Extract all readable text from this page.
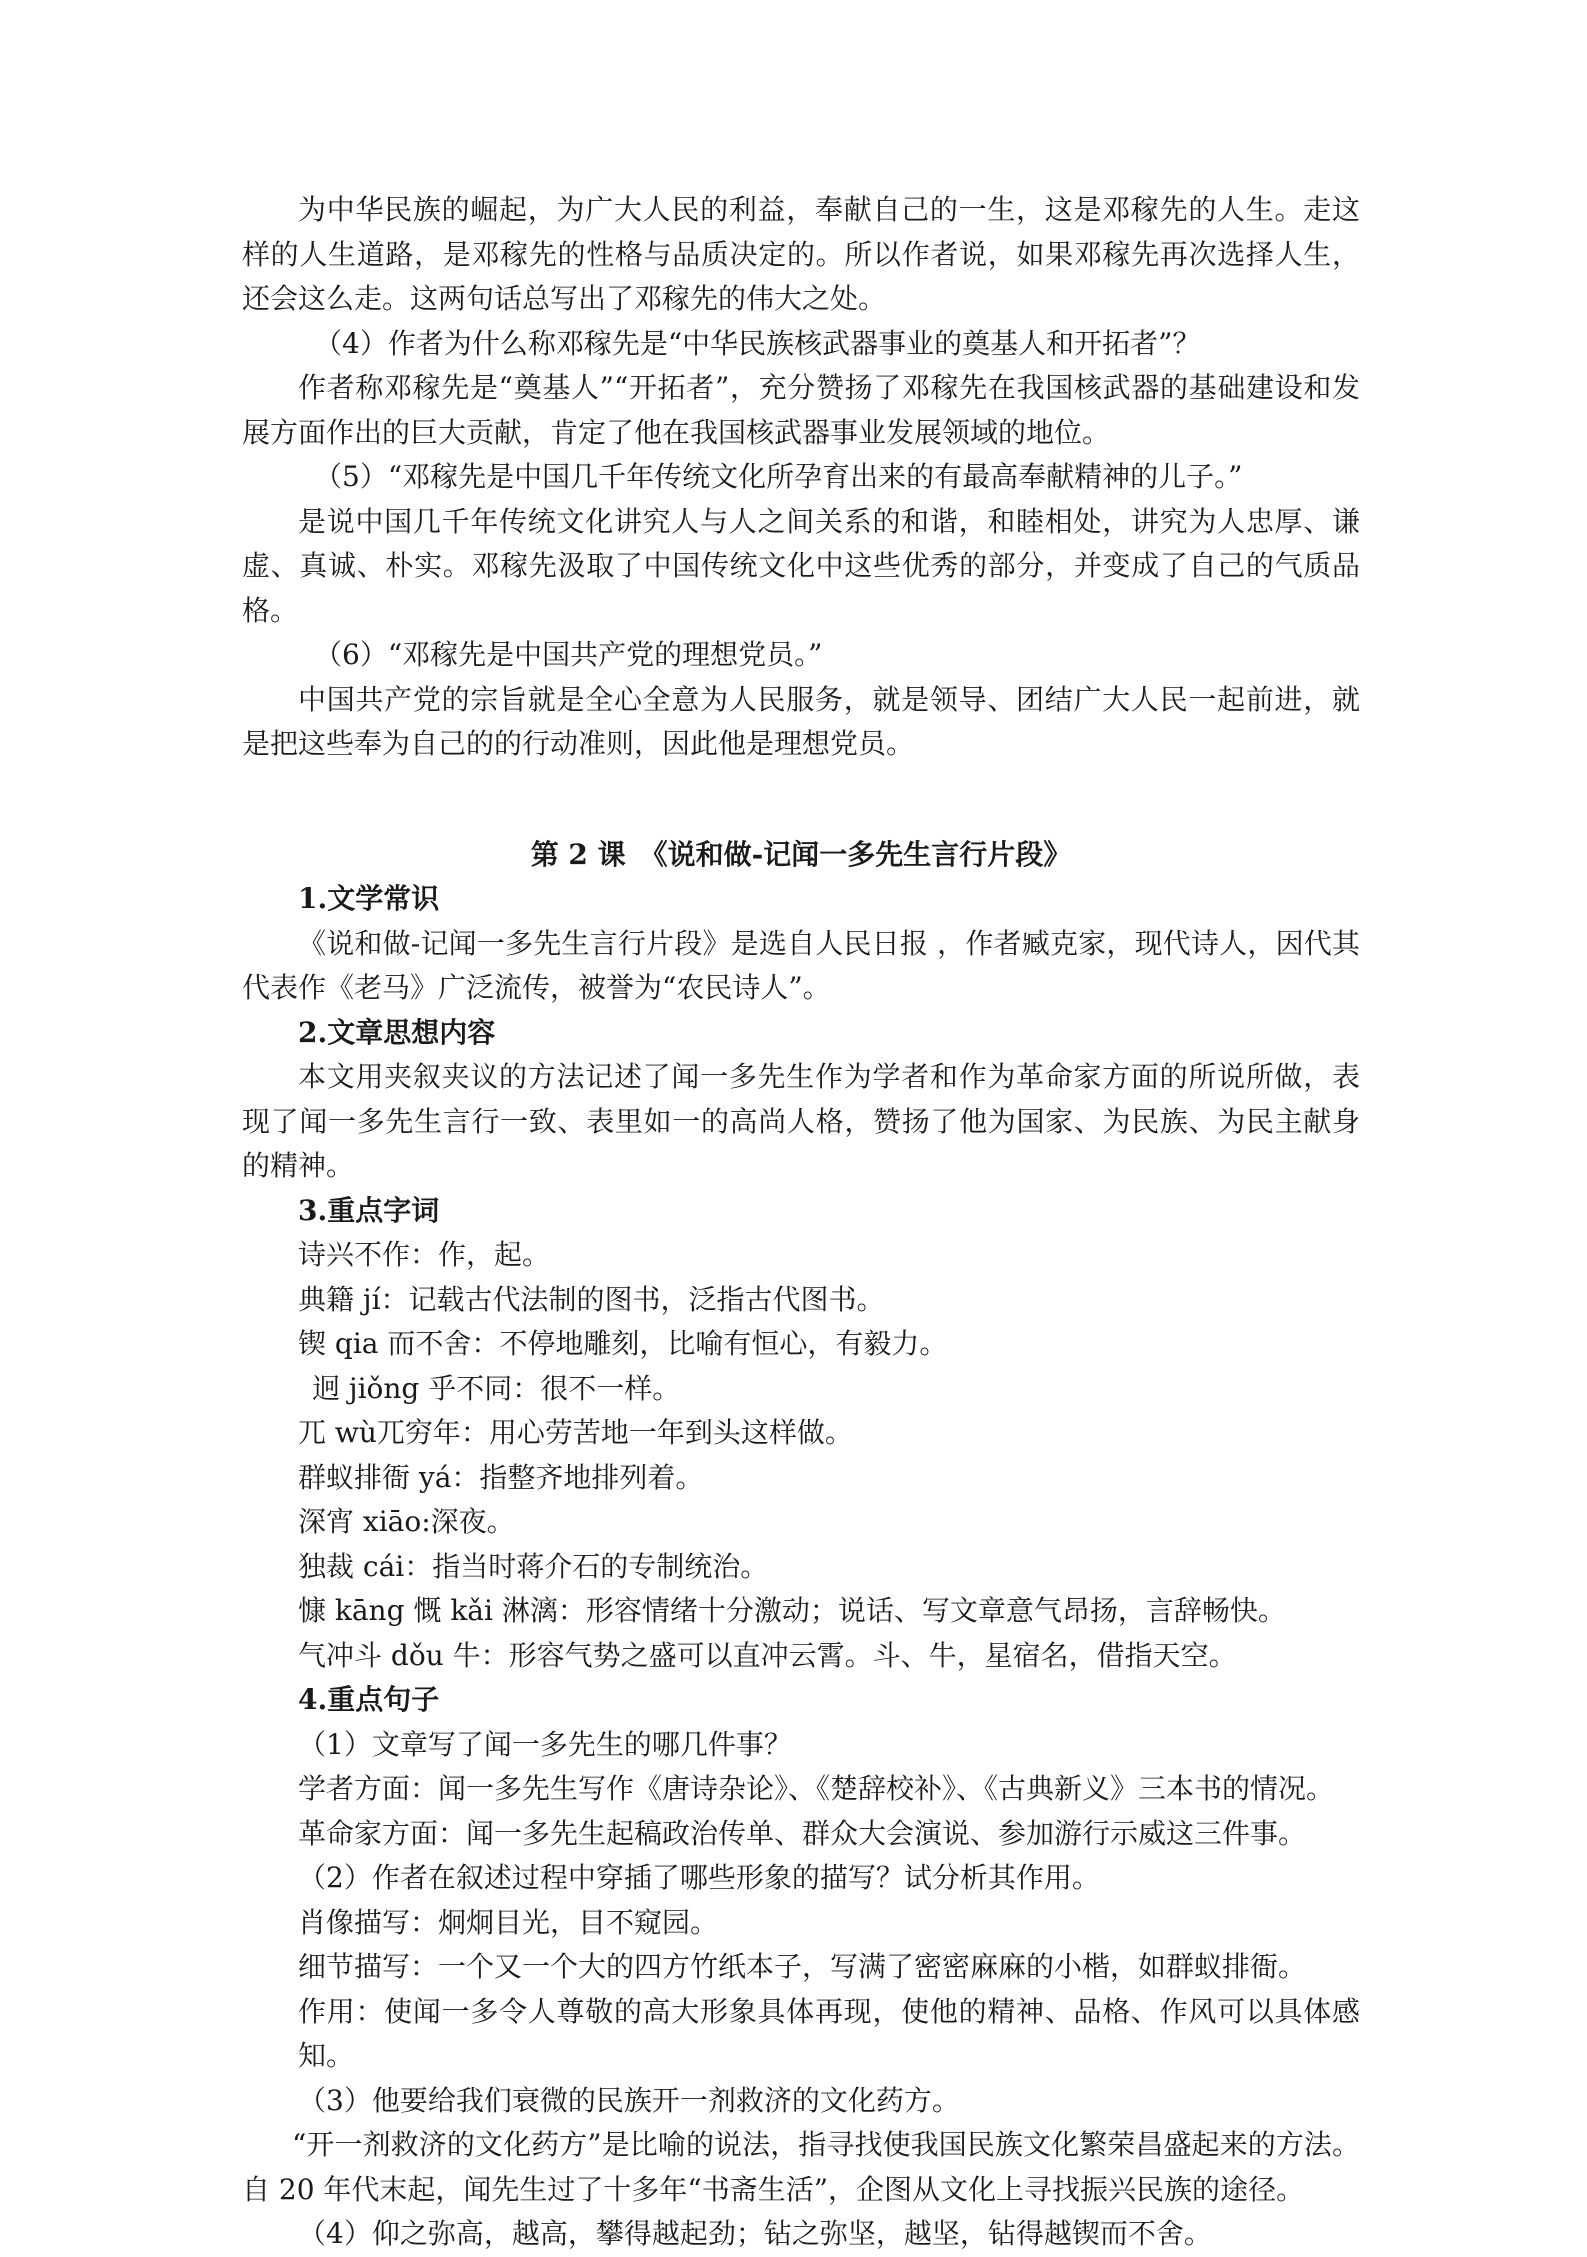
为中华民族的崛起，为广大人民的利益，奉献自己的一生，这是邓稼先的人生。走这样的人生道路，是邓稼先的性格与品质决定的。所以作者说，如果邓稼先再次选择人生，还会这么走。这两句话总写出了邓稼先的伟大之处。

（4）作者为什么称邓稼先是“中华民族核武器事业的奠基人和开拓者”？

作者称邓稼先是“奠基人”“开拓者”，充分赞扬了邓稼先在我国核武器的基础建设和发展方面作出的巨大贡献，肯定了他在我国核武器事业发展领域的地位。

（5）“邓稼先是中国几千年传统文化所孕育出来的有最高奉献精神的儿子。”

是说中国几千年传统文化讲究人与人之间关系的和谐，和睦相处，讲究为人忠厚、谦虚、真诚、朴实。邓稼先汲取了中国传统文化中这些优秀的部分，并变成了自己的气质品格。

（6）“邓稼先是中国共产党的理想党员。”

中国共产党的宗旨就是全心全意为人民服务，就是领导、团结广大人民一起前进，就是把这些奉为自己的的行动准则，因此他是理想党员。

第 2 课　《说和做-记闻一多先生言行片段》
1.文学常识

《说和做-记闻一多先生言行片段》是选自人民日报 ，作者臧克家，现代诗人，因代其代表作《老马》广泛流传，被誉为“农民诗人”。

2.文章思想内容

本文用夹叙夹议的方法记述了闻一多先生作为学者和作为革命家方面的所说所做，表现了闻一多先生言行一致、表里如一的高尚人格，赞扬了他为国家、为民族、为民主献身的精神。

3.重点字词
诗兴不作：作，起。
典籍 jí：记载古代法制的图书，泛指古代图书。
锲 qia 而不舍：不停地雕刻，比喻有恒心，有毅力。
迥 jiǒng 乎不同：很不一样。
兀 wù兀穷年：用心劳苦地一年到头这样做。
群蚁排衙 yá：指整齐地排列着。
深宵 xiāo:深夜。
独裁 cái：指当时蒋介石的专制统治。
慷 kāng 慨 kǎi 淋漓：形容情绪十分激动；说话、写文章意气昂扬，言辞畅快。
气冲斗 dǒu 牛：形容气势之盛可以直冲云霄。斗、牛，星宿名，借指天空。
4.重点句子
（1）文章写了闻一多先生的哪几件事？
学者方面：闻一多先生写作《唐诗杂论》、《楚辞校补》、《古典新义》三本书的情况。
革命家方面：闻一多先生起稿政治传单、群众大会演说、参加游行示威这三件事。
（2）作者在叙述过程中穿插了哪些形象的描写？试分析其作用。
肖像描写：炯炯目光，目不窥园。
细节描写：一个又一个大的四方竹纸本子，写满了密密麻麻的小楷，如群蚁排衙。
作用：使闻一多令人尊敬的高大形象具体再现，使他的精神、品格、作风可以具体感知。
（3）他要给我们衰微的民族开一剂救济的文化药方。

“开一剂救济的文化药方”是比喻的说法，指寻找使我国民族文化繁荣昌盛起来的方法。自 20 年代末起，闻先生过了十多年“书斋生活”，企图从文化上寻找振兴民族的途径。

（4）仰之弥高，越高，攀得越起劲；钻之弥坚，越坚，钻得越锲而不舍。
